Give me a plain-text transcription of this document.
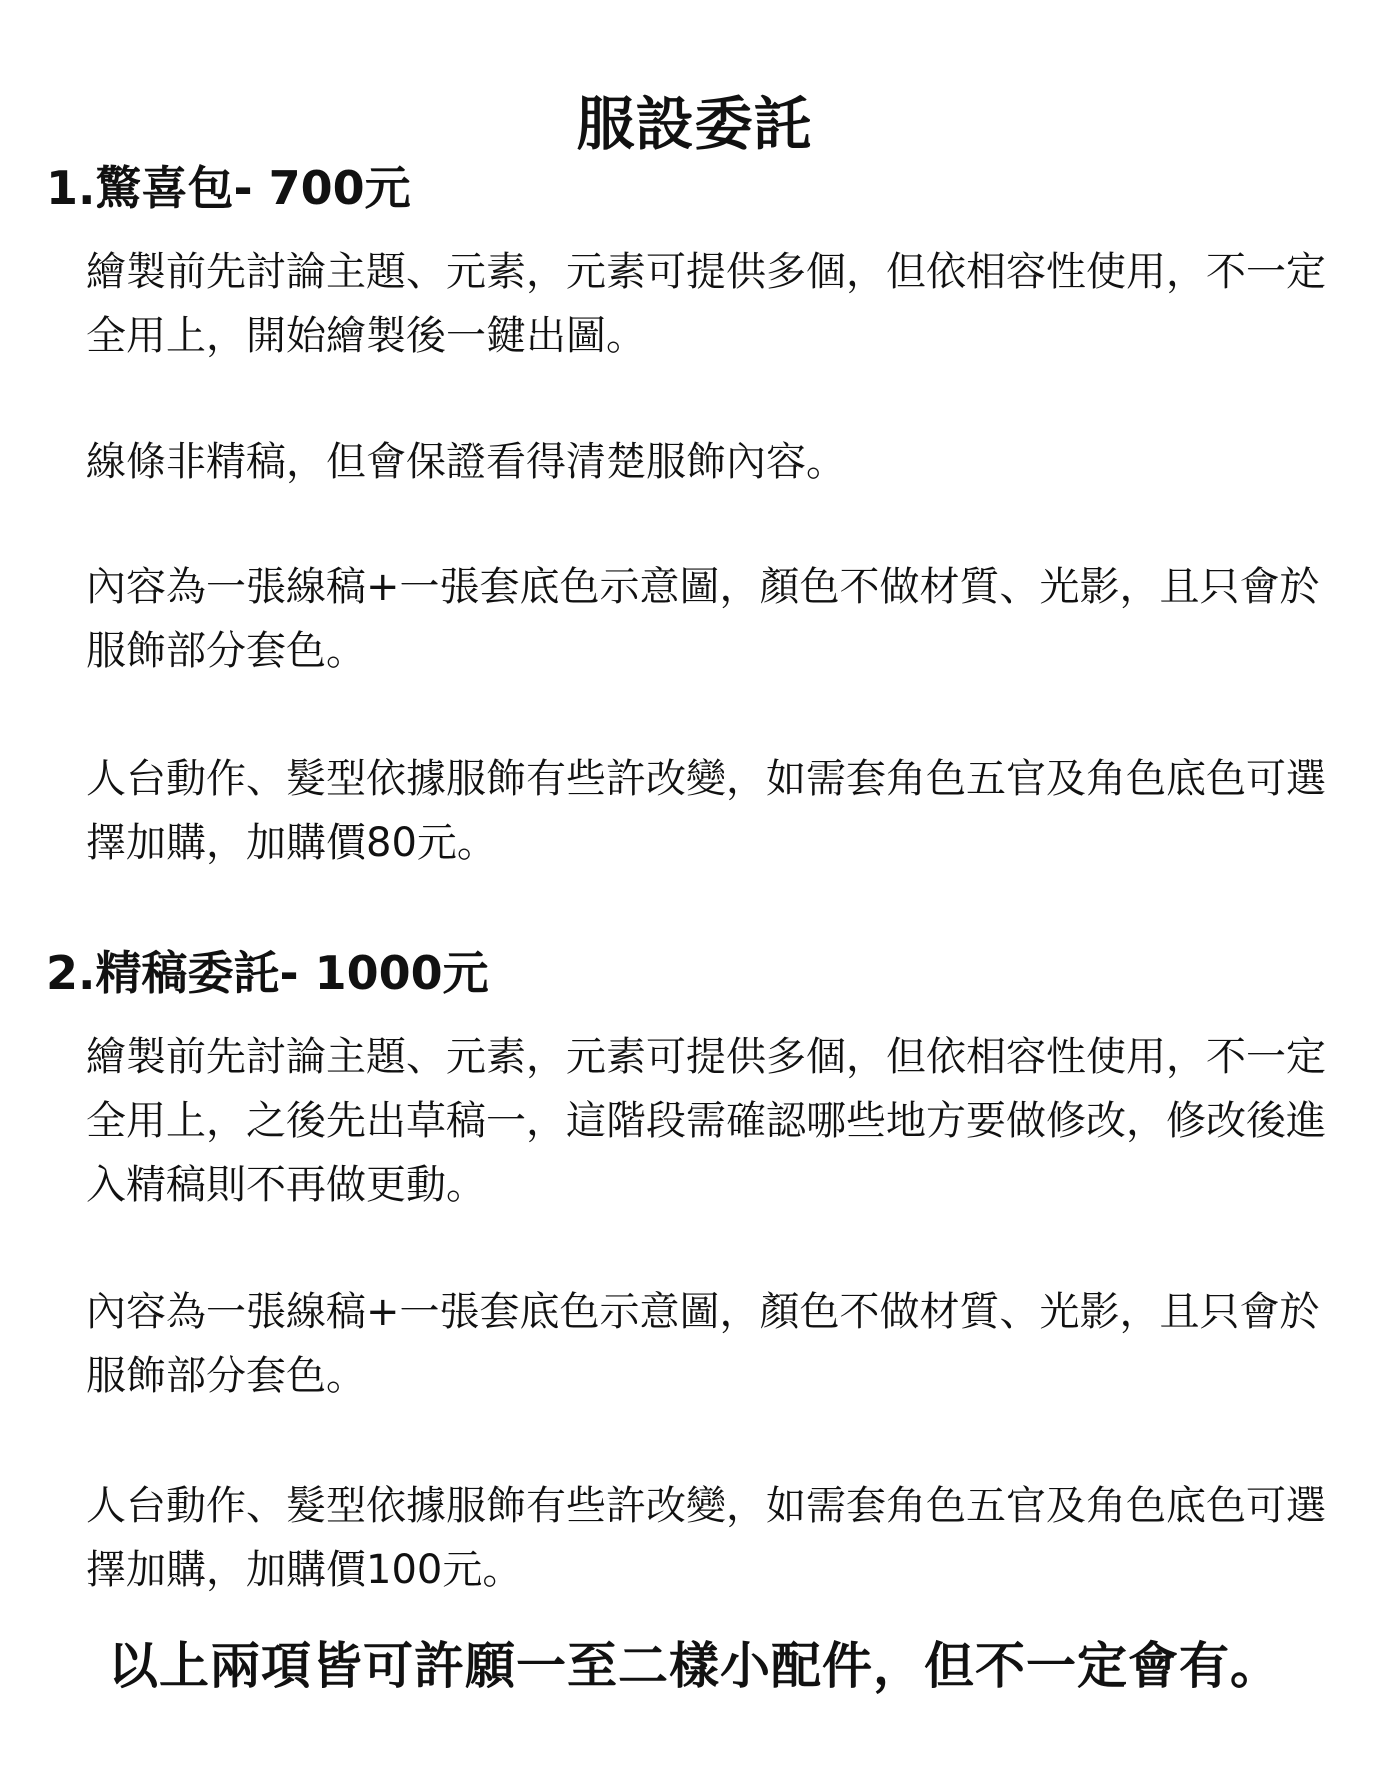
服設委託
1.驚喜包- 700元

繪製前先討論主題、元素，元素可提供多個，但依相容性使用，不一定全用上，開始繪製後一鍵出圖。

線條非精稿，但會保證看得清楚服飾內容。

內容為一張線稿+一張套底色示意圖，顏色不做材質、光影，且只會於服飾部分套色。

人台動作、髮型依據服飾有些許改變，如需套角色五官及角色底色可選擇加購，加購價80元。

2.精稿委託- 1000元

繪製前先討論主題、元素，元素可提供多個，但依相容性使用，不一定全用上，之後先出草稿一，這階段需確認哪些地方要做修改，修改後進入精稿則不再做更動。

內容為一張線稿+一張套底色示意圖，顏色不做材質、光影，且只會於服飾部分套色。

人台動作、髮型依據服飾有些許改變，如需套角色五官及角色底色可選擇加購，加購價100元。

以上兩項皆可許願一至二樣小配件，但不一定會有。
